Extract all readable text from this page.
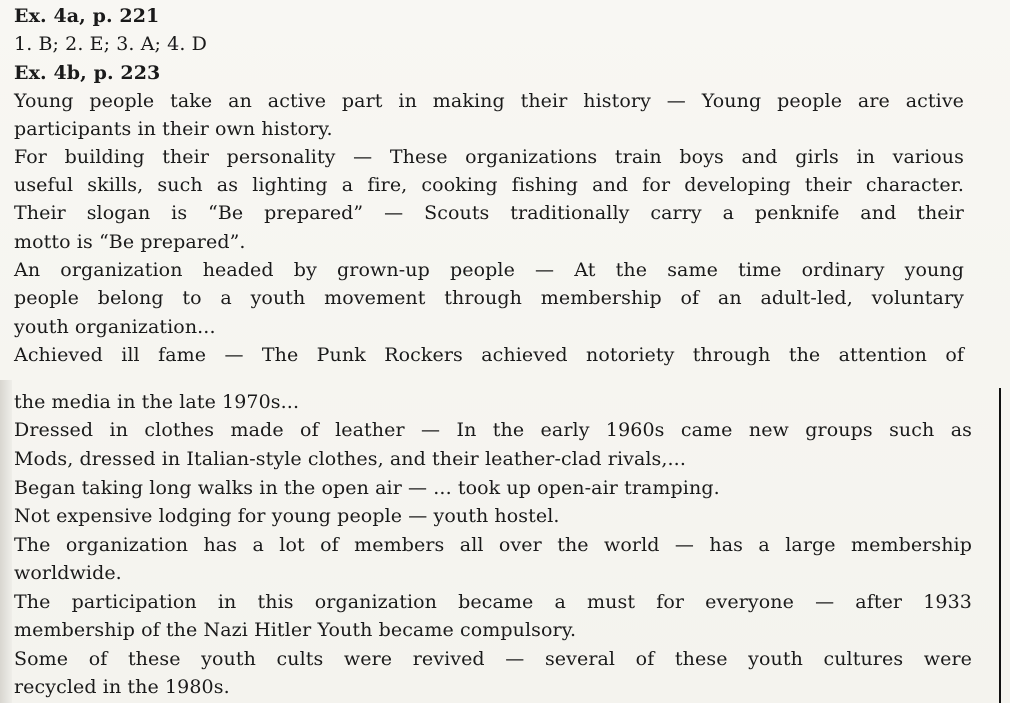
Ex. 4a, p. 221
1. B; 2. E; 3. A; 4. D
Ex. 4b, p. 223
Young people take an active part in making their history — Young people are active
participants in their own history.
For building their personality — These organizations train boys and girls in various
useful skills, such as lighting a fire, cooking fishing and for developing their character.
Their slogan is “Be prepared” — Scouts traditionally carry a penknife and their
motto is “Be prepared”.
An organization headed by grown-up people — At the same time ordinary young
people belong to a youth movement through membership of an adult-led, voluntary
youth organization...
Achieved ill fame — The Punk Rockers achieved notoriety through the attention of
the media in the late 1970s...
Dressed in clothes made of leather — In the early 1960s came new groups such as
Mods, dressed in Italian-style clothes, and their leather-clad rivals,...
Began taking long walks in the open air — ... took up open-air tramping.
Not expensive lodging for young people — youth hostel.
The organization has a lot of members all over the world — has a large membership
worldwide.
The participation in this organization became a must for everyone — after 1933
membership of the Nazi Hitler Youth became compulsory.
Some of these youth cults were revived — several of these youth cultures were
recycled in the 1980s.
